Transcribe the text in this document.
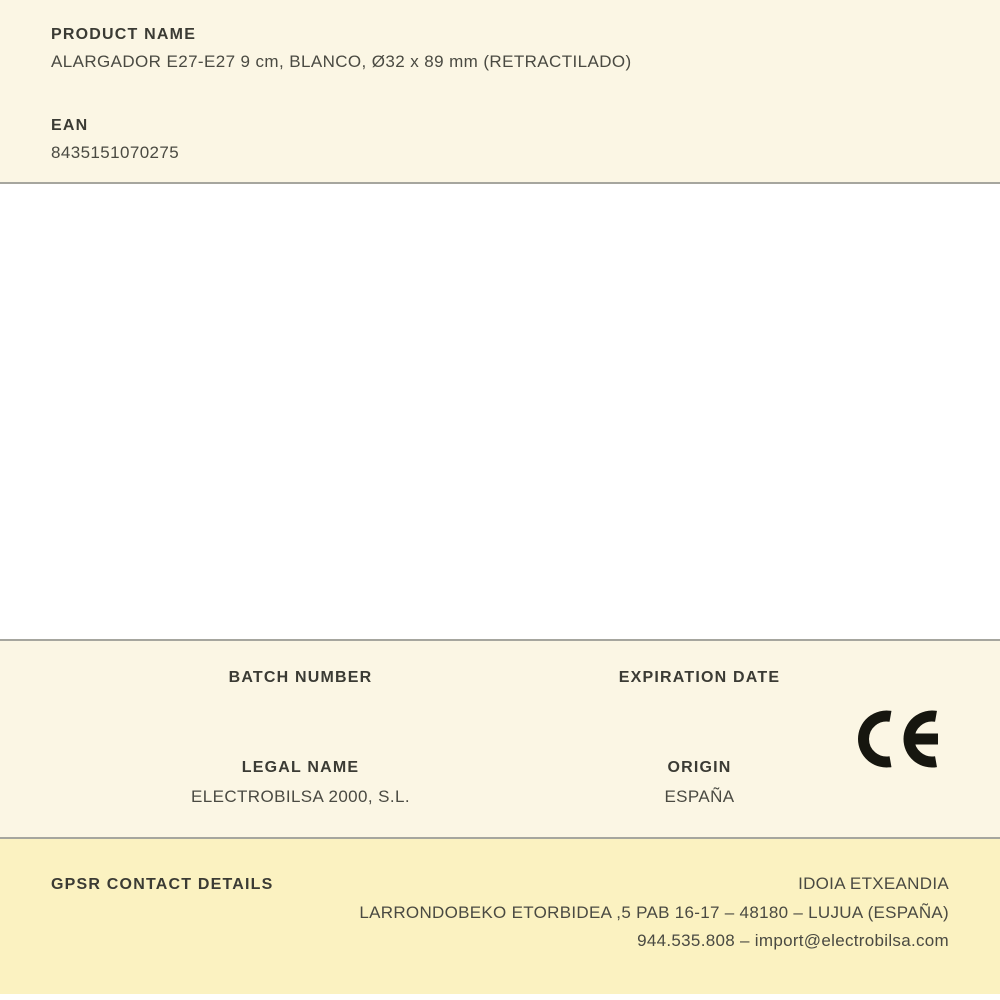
PRODUCT NAME
ALARGADOR E27-E27 9 cm, BLANCO, Ø32 x 89 mm (RETRACTILADO)
EAN
8435151070275
BATCH NUMBER	EXPIRATION DATE
LEGAL NAME	ORIGIN
ELECTROBILSA 2000, S.L.	ESPAÑA
GPSR CONTACT DETAILS	IDOIA ETXEANDIA
LARRONDOBEKO ETORBIDEA ,5 PAB 16-17 – 48180 – LUJUA (ESPAÑA)
944.535.808 – import@electrobilsa.com
